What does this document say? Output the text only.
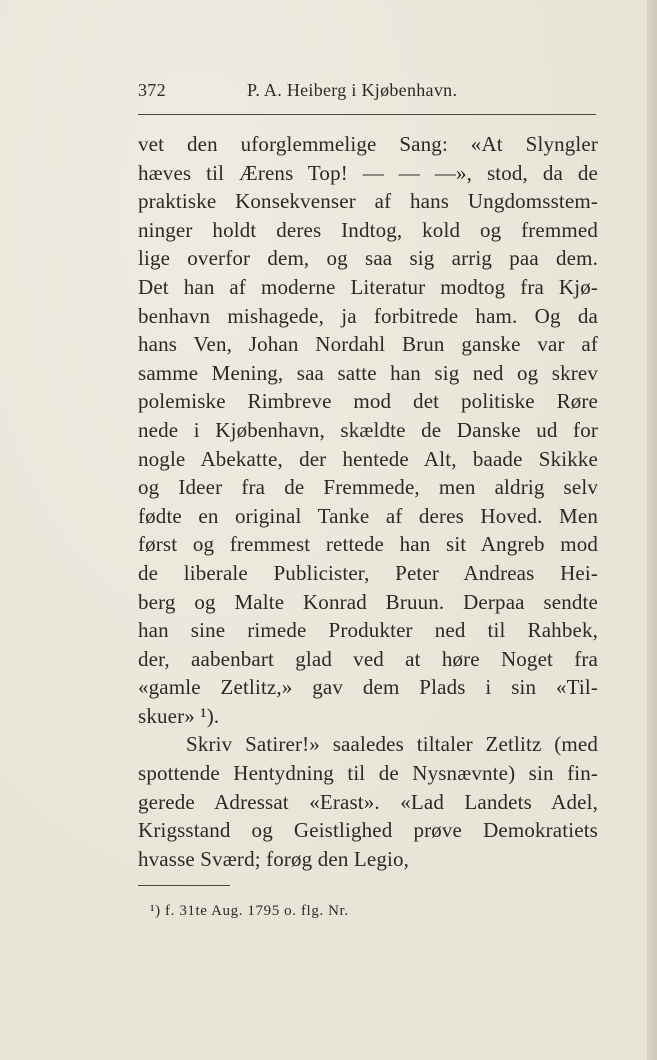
372	P. A. Heiberg i Kjøbenhavn.
vet den uforglemmelige Sang: «At Slyngler
hæves til Ærens Top! — — —», stod, da de
praktiske Konsekvenser af hans Ungdomsstem-
ninger holdt deres Indtog, kold og fremmed
lige overfor dem, og saa sig arrig paa dem.
Det han af moderne Literatur modtog fra Kjø-
benhavn mishagede, ja forbitrede ham. Og da
hans Ven, Johan Nordahl Brun ganske var af
samme Mening, saa satte han sig ned og skrev
polemiske Rimbreve mod det politiske Røre
nede i Kjøbenhavn, skældte de Danske ud for
nogle Abekatte, der hentede Alt, baade Skikke
og Ideer fra de Fremmede, men aldrig selv
fødte en original Tanke af deres Hoved. Men
først og fremmest rettede han sit Angreb mod
de liberale Publicister, Peter Andreas Hei-
berg og Malte Konrad Bruun. Derpaa sendte
han sine rimede Produkter ned til Rahbek,
der, aabenbart glad ved at høre Noget fra
«gamle Zetlitz,» gav dem Plads i sin «Til-
skuer» ¹).
Skriv Satirer!» saaledes tiltaler Zetlitz (med
spottende Hentydning til de Nysnævnte) sin fin-
gerede Adressat «Erast». «Lad Landets Adel,
Krigsstand og Geistlighed prøve Demokratiets
hvasse Sværd; forøg den Legio,
¹) f. 31te Aug. 1795 o. flg. Nr.
